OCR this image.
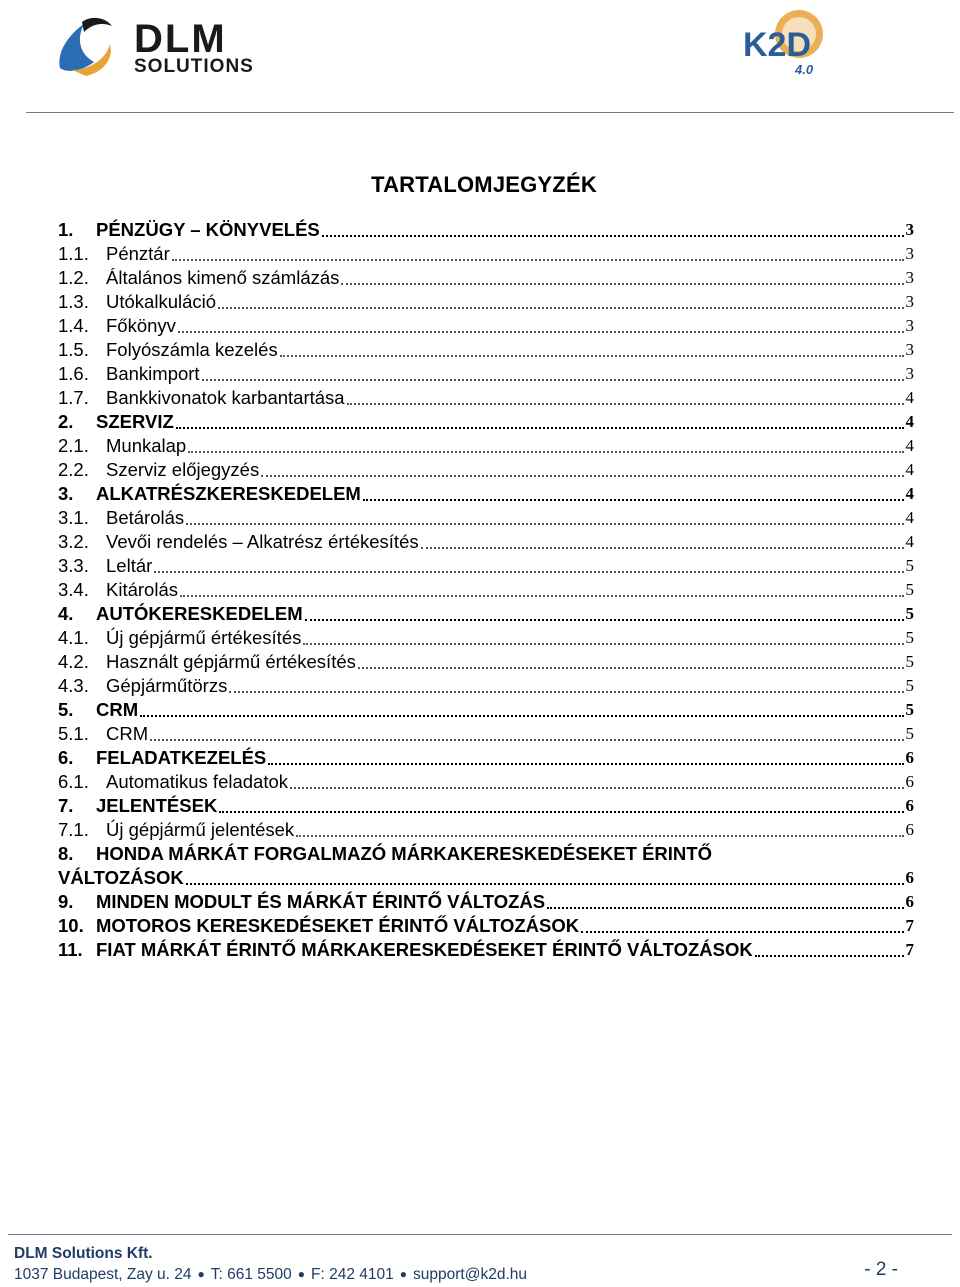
DLM
SOLUTIONS
K2D
4.0
TARTALOMJEGYZÉK
1.	PÉNZÜGY – KÖNYVELÉS	3
1.1. Pénztár	3
1.2. Általános kimenő számlázás	3
1.3. Utókalkuláció	3
1.4. Főkönyv	3
1.5. Folyószámla kezelés	3
1.6. Bankimport	3
1.7. Bankkivonatok karbantartása	4
2.	SZERVIZ	4
2.1. Munkalap	4
2.2. Szerviz előjegyzés	4
3.	ALKATRÉSZKERESKEDELEM	4
3.1. Betárolás	4
3.2. Vevői rendelés – Alkatrész értékesítés	4
3.3. Leltár	5
3.4. Kitárolás	5
4.	AUTÓKERESKEDELEM	5
4.1. Új gépjármű értékesítés	5
4.2. Használt gépjármű értékesítés	5
4.3. Gépjárműtörzs	5
5.	CRM	5
5.1. CRM	5
6.	FELADATKEZELÉS	6
6.1. Automatikus feladatok	6
7.	JELENTÉSEK	6
7.1. Új gépjármű jelentések	6
8. HONDA MÁRKÁT FORGALMAZÓ MÁRKAKERESKEDÉSEKET ÉRINTŐ
VÁLTOZÁSOK	6
9.	MINDEN MODULT ÉS MÁRKÁT ÉRINTŐ VÁLTOZÁS	6
10. MOTOROS KERESKEDÉSEKET ÉRINTŐ VÁLTOZÁSOK	7
11. FIAT MÁRKÁT ÉRINTŐ MÁRKAKERESKEDÉSEKET ÉRINTŐ VÁLTOZÁSOK	7
DLM Solutions Kft.
1037 Budapest, Zay u. 24 ● T: 661 5500 ● F: 242 4101 ● support@k2d.hu	- 2 -
